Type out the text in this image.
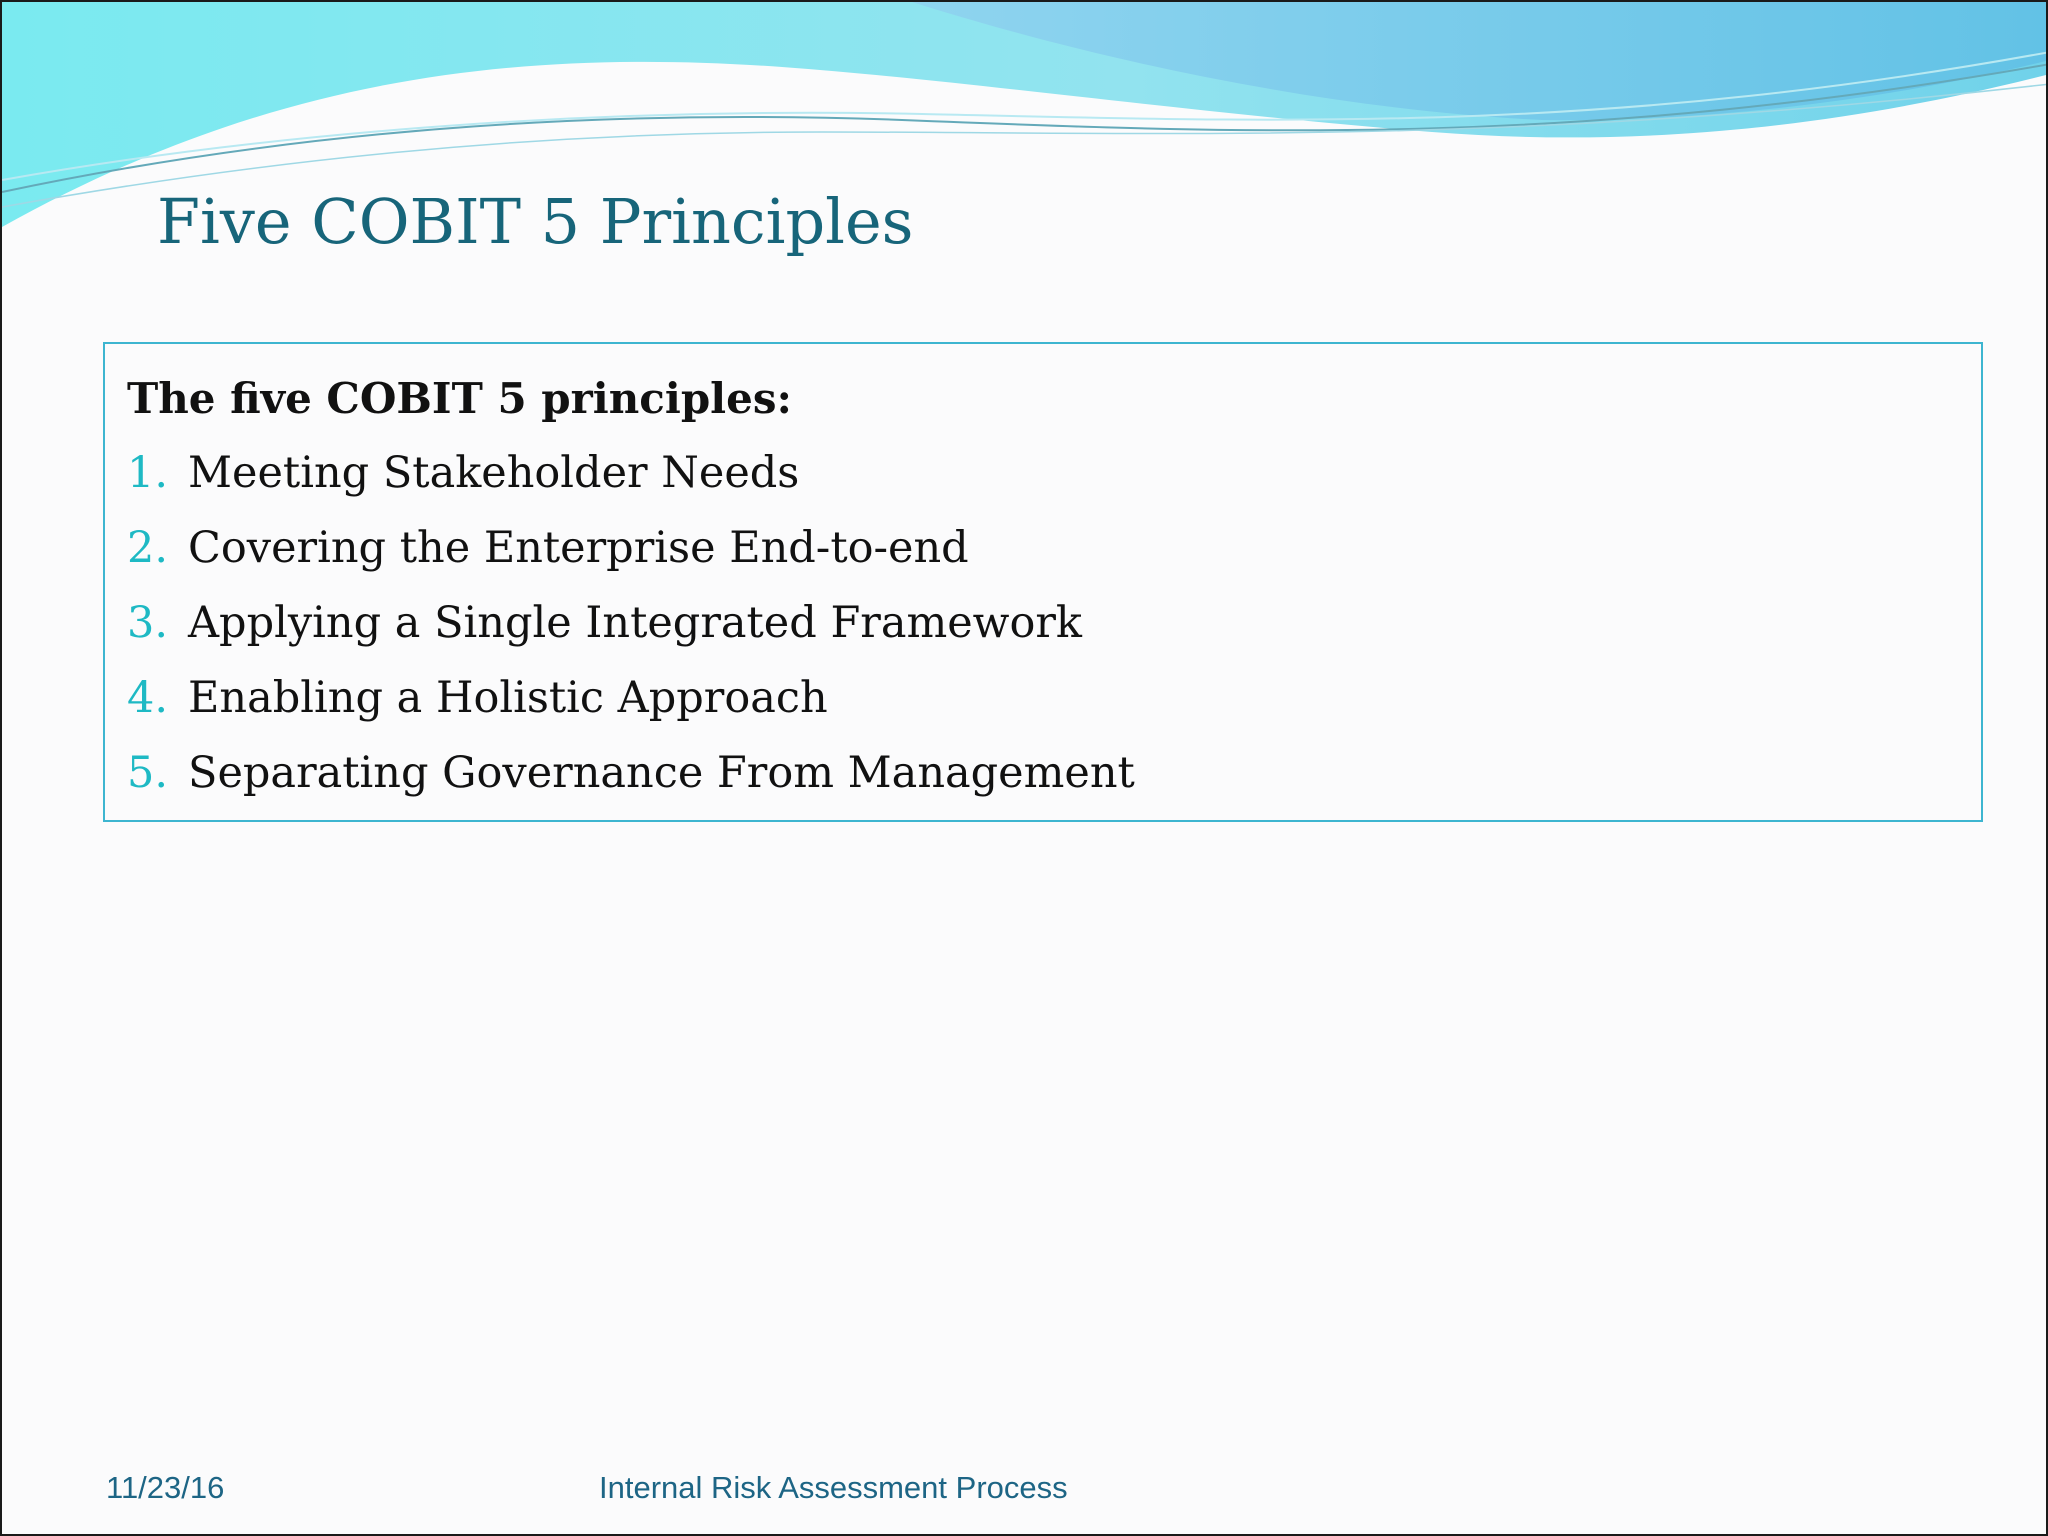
Five COBIT 5 Principles

The five COBIT 5 principles:

1. Meeting Stakeholder Needs
2. Covering the Enterprise End-to-end
3. Applying a Single Integrated Framework
4. Enabling a Holistic Approach
5. Separating Governance From Management
11/23/16	Internal Risk Assessment Process
